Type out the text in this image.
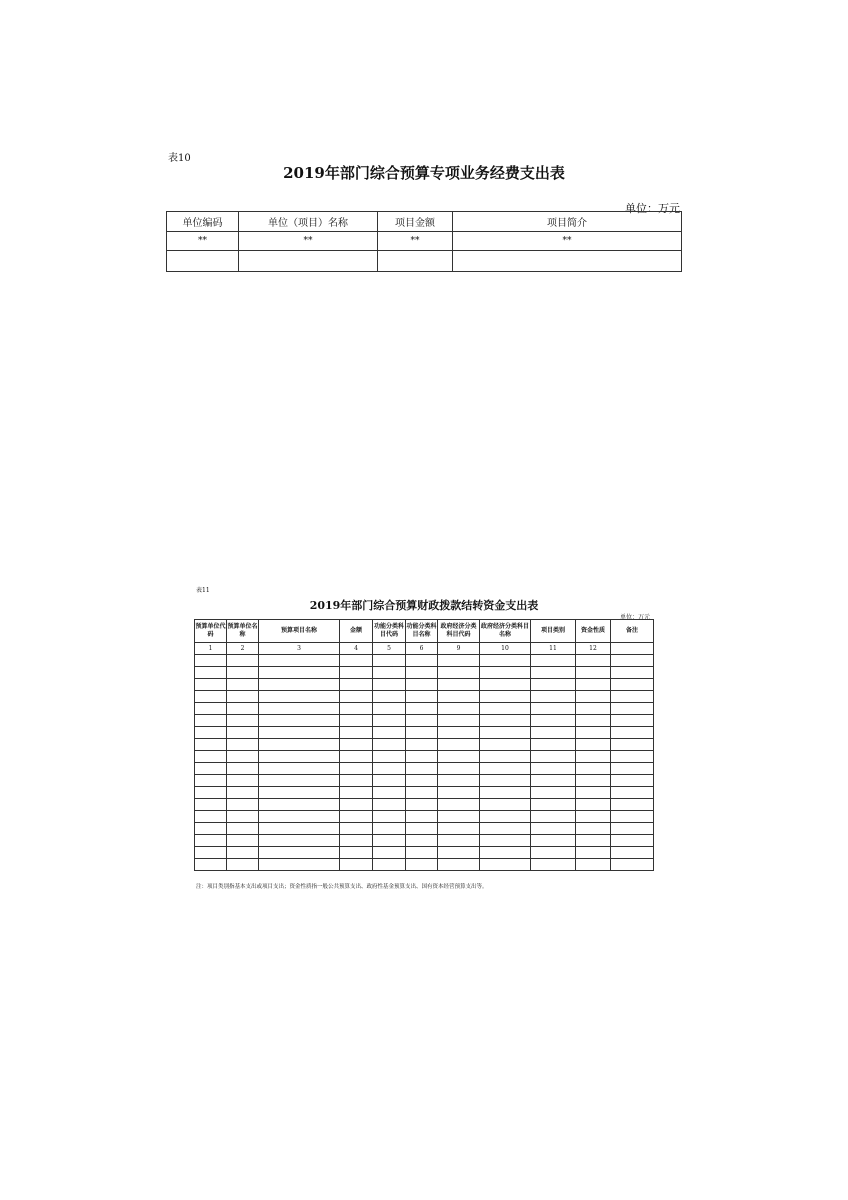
表10
2019年部门综合预算专项业务经费支出表
单位：万元
单位编码	单位（项目）名称	项目金额	项目简介
**	**	**	**

表11
2019年部门综合预算财政拨款结转资金支出表
单位：万元
预算单位代码	预算单位名称	预算项目名称	金额	功能分类科目代码	功能分类科目名称	政府经济分类科目代码	政府经济分类科目名称	项目类别	资金性质	备注
1	2	3	4	5	6	9	10	11	12	

注：项目类别指基本支出或项目支出；资金性质指一般公共预算支出、政府性基金预算支出、国有资本经营预算支出等。
